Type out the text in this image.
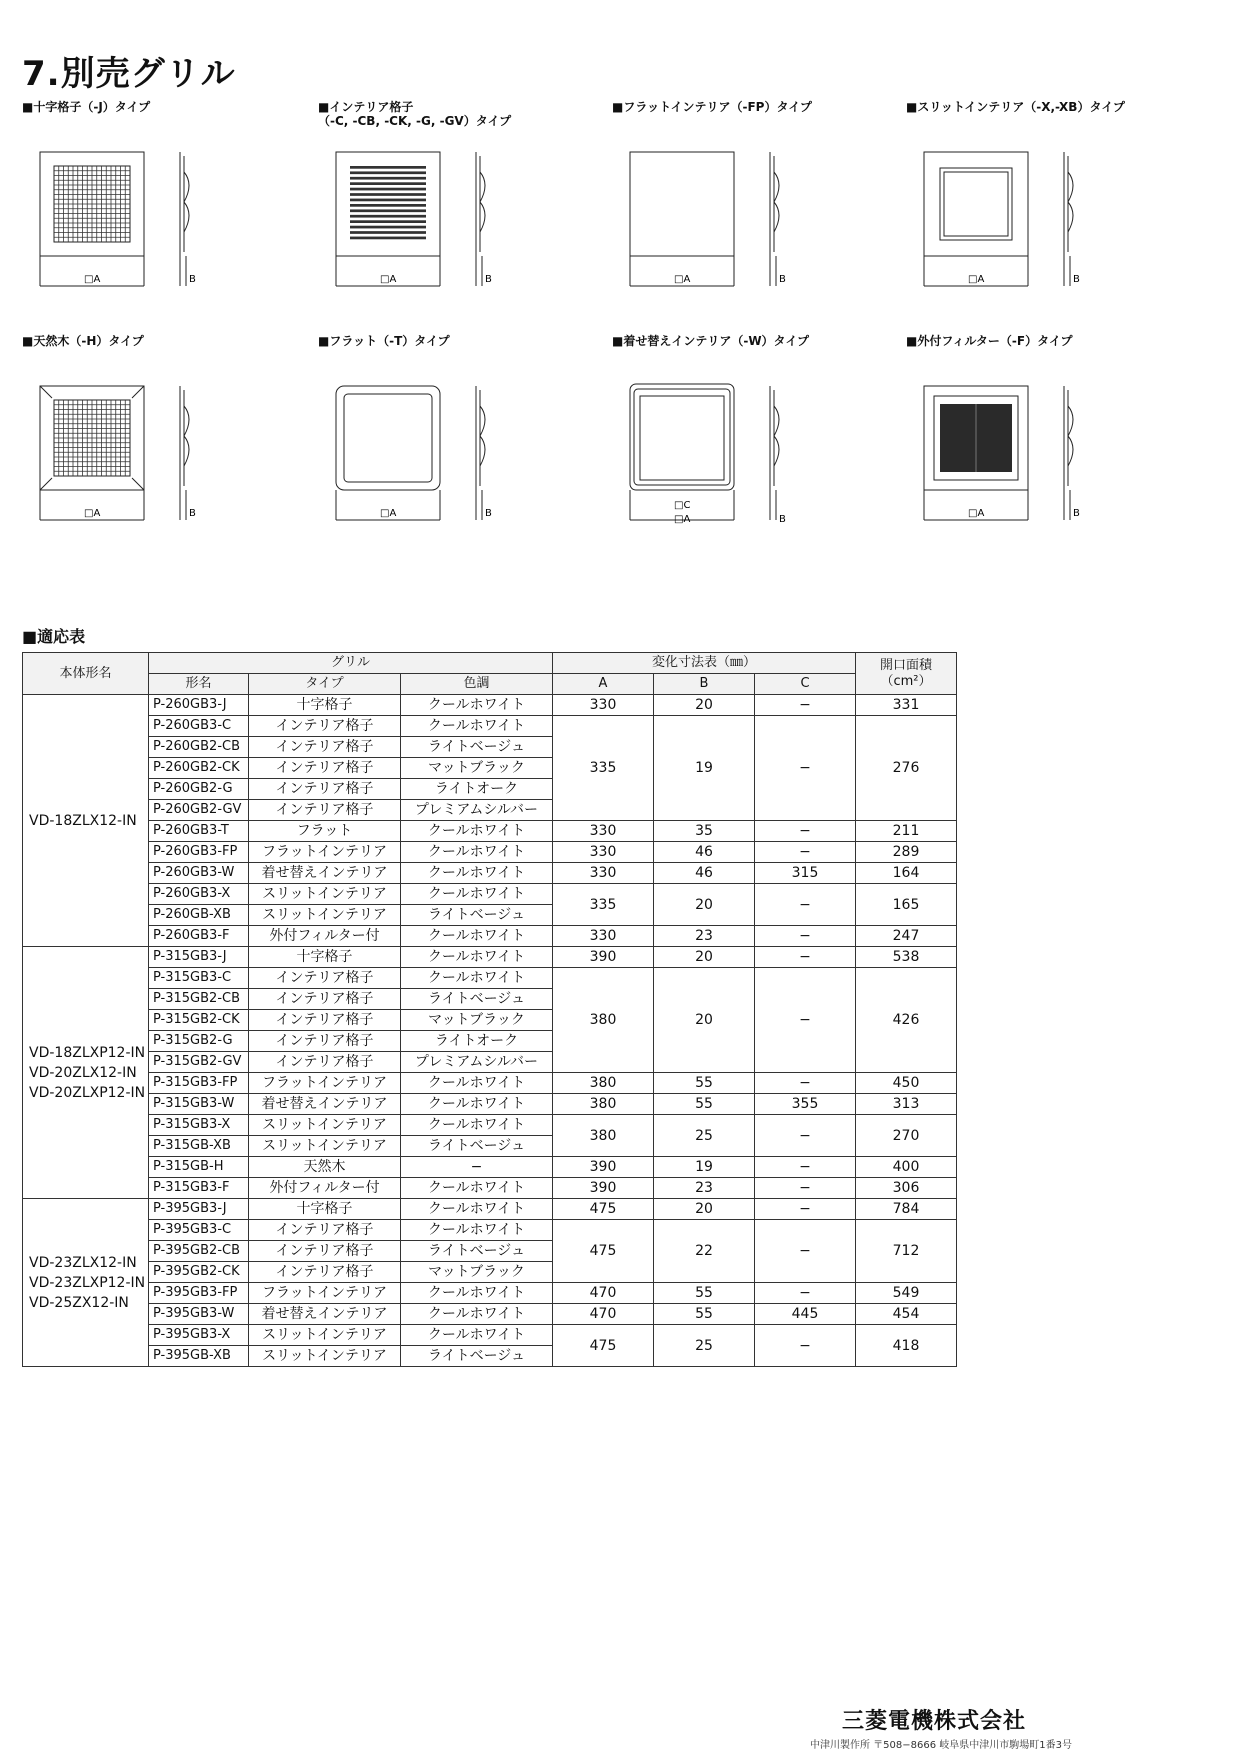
7.別売グリル
■十字格子（-J）タイプ
□A	B
■インテリア格子
（-C, -CB, -CK, -G, -GV）タイプ
□A	B
■フラットインテリア（-FP）タイプ
□A	B
■スリットインテリア（-X,-XB）タイプ
□A	B
■天然木（-H）タイプ
□A	B
■フラット（-T）タイプ
□A	B
■着せ替えインテリア（-W）タイプ
□C
□A	B
■外付フィルター（-F）タイプ
□A	B
■適応表
本体形名	グリル			変化寸法表（㎜）			開口面積
（cm²）
	形名	タイプ	色調	A	B	C	
VD-18ZLX12-IN	P-260GB3-J	十字格子	クールホワイト	330	20	−	331
	P-260GB3-C	インテリア格子	クールホワイト	335	19	−	276
	P-260GB2-CB	インテリア格子	ライトベージュ				
	P-260GB2-CK	インテリア格子	マットブラック				
	P-260GB2-G	インテリア格子	ライトオーク				
	P-260GB2-GV	インテリア格子	プレミアムシルバー				
	P-260GB3-T	フラット	クールホワイト	330	35	−	211
	P-260GB3-FP	フラットインテリア	クールホワイト	330	46	−	289
	P-260GB3-W	着せ替えインテリア	クールホワイト	330	46	315	164
	P-260GB3-X	スリットインテリア	クールホワイト	335	20	−	165
	P-260GB-XB	スリットインテリア	ライトベージュ				
	P-260GB3-F	外付フィルター付	クールホワイト	330	23	−	247
VD-18ZLXP12-IN
VD-20ZLX12-IN
VD-20ZLXP12-IN	P-315GB3-J	十字格子	クールホワイト	390	20	−	538
	P-315GB3-C	インテリア格子	クールホワイト	380	20	−	426
	P-315GB2-CB	インテリア格子	ライトベージュ				
	P-315GB2-CK	インテリア格子	マットブラック				
	P-315GB2-G	インテリア格子	ライトオーク				
	P-315GB2-GV	インテリア格子	プレミアムシルバー				
	P-315GB3-FP	フラットインテリア	クールホワイト	380	55	−	450
	P-315GB3-W	着せ替えインテリア	クールホワイト	380	55	355	313
	P-315GB3-X	スリットインテリア	クールホワイト	380	25	−	270
	P-315GB-XB	スリットインテリア	ライトベージュ				
	P-315GB-H	天然木	−	390	19	−	400
	P-315GB3-F	外付フィルター付	クールホワイト	390	23	−	306
VD-23ZLX12-IN
VD-23ZLXP12-IN
VD-25ZX12-IN	P-395GB3-J	十字格子	クールホワイト	475	20	−	784
	P-395GB3-C	インテリア格子	クールホワイト	475	22	−	712
	P-395GB2-CB	インテリア格子	ライトベージュ				
	P-395GB2-CK	インテリア格子	マットブラック				
	P-395GB3-FP	フラットインテリア	クールホワイト	470	55	−	549
	P-395GB3-W	着せ替えインテリア	クールホワイト	470	55	445	454
	P-395GB3-X	スリットインテリア	クールホワイト	475	25	−	418
	P-395GB-XB	スリットインテリア	ライトベージュ				
三菱電機株式会社
中津川製作所 〒508−8666 岐阜県中津川市駒場町1番3号
